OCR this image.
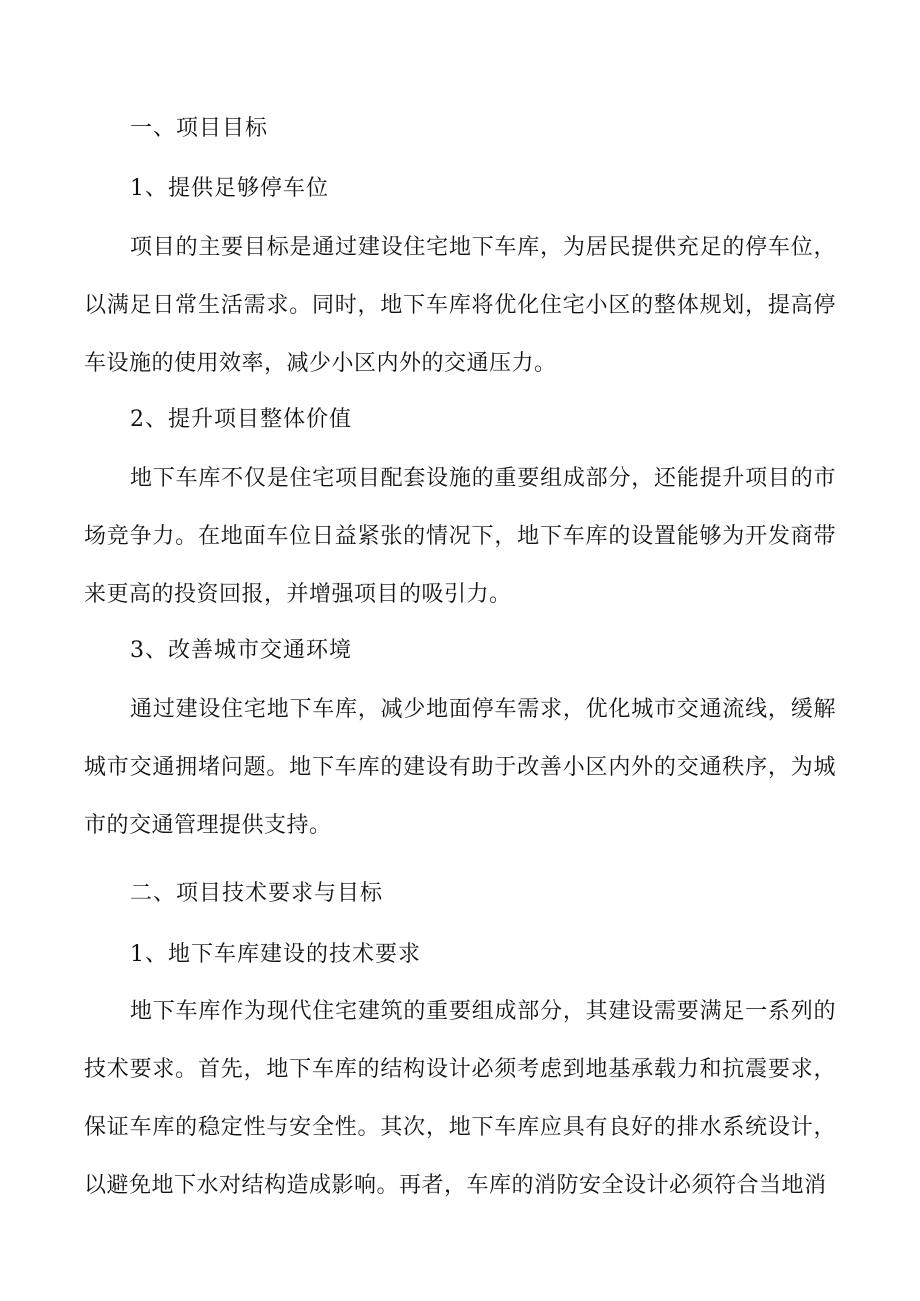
一、项目目标
1、提供足够停车位
项目的主要目标是通过建设住宅地下车库，为居民提供充足的停车位，以满足日常生活需求。同时，地下车库将优化住宅小区的整体规划，提高停车设施的使用效率，减少小区内外的交通压力。
2、提升项目整体价值
地下车库不仅是住宅项目配套设施的重要组成部分，还能提升项目的市场竞争力。在地面车位日益紧张的情况下，地下车库的设置能够为开发商带来更高的投资回报，并增强项目的吸引力。
3、改善城市交通环境
通过建设住宅地下车库，减少地面停车需求，优化城市交通流线，缓解城市交通拥堵问题。地下车库的建设有助于改善小区内外的交通秩序，为城市的交通管理提供支持。
二、项目技术要求与目标
1、地下车库建设的技术要求
地下车库作为现代住宅建筑的重要组成部分，其建设需要满足一系列的技术要求。首先，地下车库的结构设计必须考虑到地基承载力和抗震要求，保证车库的稳定性与安全性。其次，地下车库应具有良好的排水系统设计，以避免地下水对结构造成影响。再者，车库的消防安全设计必须符合当地消
